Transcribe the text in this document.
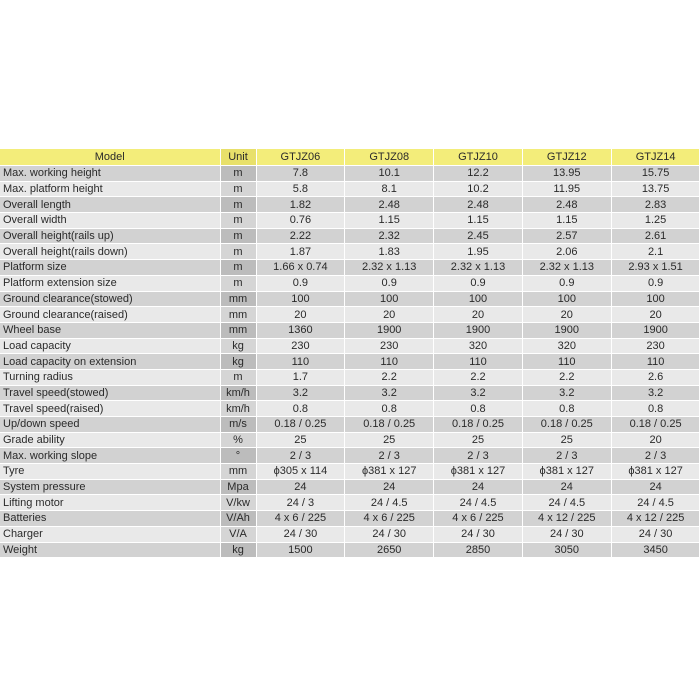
Model	Unit	GTJZ06	GTJZ08	GTJZ10	GTJZ12	GTJZ14
Max. working height	m	7.8	10.1	12.2	13.95	15.75
Max. platform height	m	5.8	8.1	10.2	11.95	13.75
Overall length	m	1.82	2.48	2.48	2.48	2.83
Overall width	m	0.76	1.15	1.15	1.15	1.25
Overall height(rails up)	m	2.22	2.32	2.45	2.57	2.61
Overall height(rails down)	m	1.87	1.83	1.95	2.06	2.1
Platform size	m	1.66 x 0.74	2.32 x 1.13	2.32 x 1.13	2.32 x 1.13	2.93 x 1.51
Platform extension size	m	0.9	0.9	0.9	0.9	0.9
Ground clearance(stowed)	mm	100	100	100	100	100
Ground clearance(raised)	mm	20	20	20	20	20
Wheel base	mm	1360	1900	1900	1900	1900
Load capacity	kg	230	230	320	320	230
Load capacity on extension	kg	110	110	110	110	110
Turning radius	m	1.7	2.2	2.2	2.2	2.6
Travel speed(stowed)	km/h	3.2	3.2	3.2	3.2	3.2
Travel speed(raised)	km/h	0.8	0.8	0.8	0.8	0.8
Up/down speed	m/s	0.18 / 0.25	0.18 / 0.25	0.18 / 0.25	0.18 / 0.25	0.18 / 0.25
Grade ability	%	25	25	25	25	20
Max. working slope	°	2 / 3	2 / 3	2 / 3	2 / 3	2 / 3
Tyre	mm	ϕ305 x 114	ϕ381 x 127	ϕ381 x 127	ϕ381 x 127	ϕ381 x 127
System pressure	Mpa	24	24	24	24	24
Lifting motor	V/kw	24 / 3	24 / 4.5	24 / 4.5	24 / 4.5	24 / 4.5
Batteries	V/Ah	4 x 6 / 225	4 x 6 / 225	4 x 6 / 225	4 x 12 / 225	4 x 12 / 225
Charger	V/A	24 / 30	24 / 30	24 / 30	24 / 30	24 / 30
Weight	kg	1500	2650	2850	3050	3450
